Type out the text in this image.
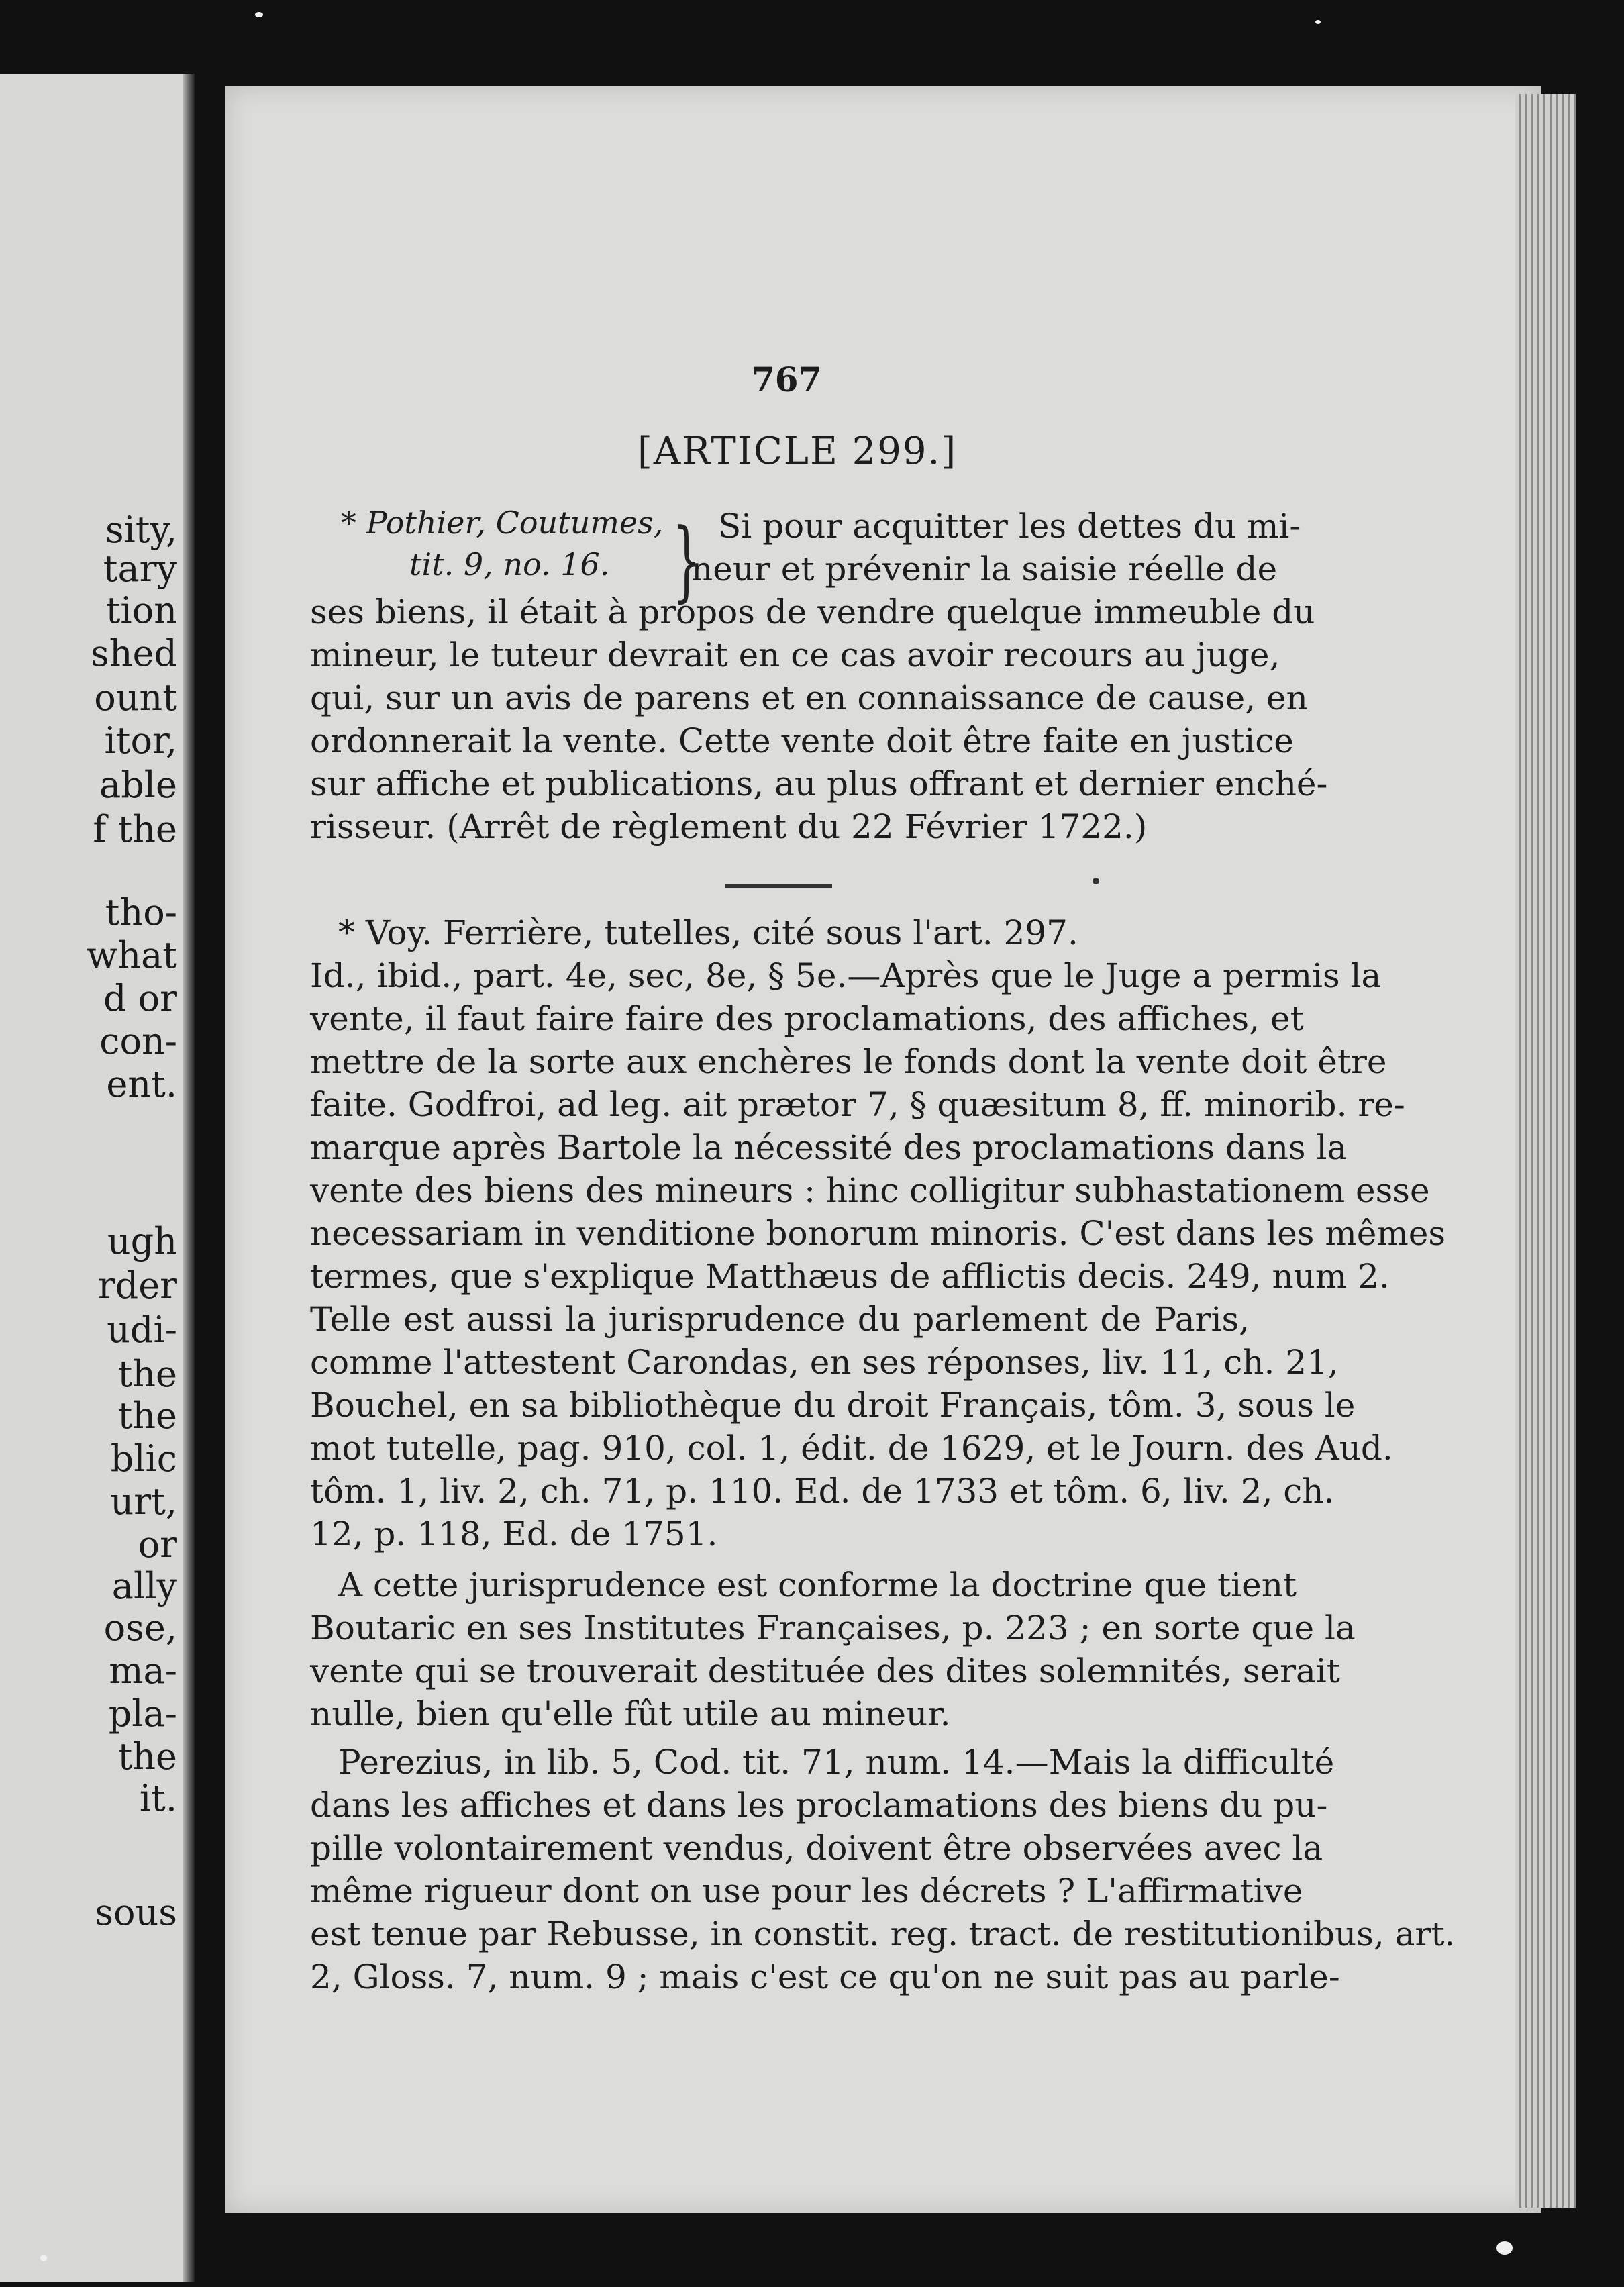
sity,
tary
tion
shed
ount
itor,
able
f the
tho-
what
d or
con-
ent.
ugh
rder
udi-
the
the
blic
urt,
or
ally
ose,
ma-
pla-
the
it.
sous
767
[ARTICLE 299.]
* Pothier, Coutumes,
tit. 9, no. 16. } Si pour acquitter les dettes du mi-
neur et prévenir la saisie réelle de
ses biens, il était à propos de vendre quelque immeuble du
mineur, le tuteur devrait en ce cas avoir recours au juge,
qui, sur un avis de parens et en connaissance de cause, en
ordonnerait la vente. Cette vente doit être faite en justice
sur affiche et publications, au plus offrant et dernier enché-
risseur. (Arrêt de règlement du 22 Février 1722.)
* Voy. Ferrière, tutelles, cité sous l'art. 297.
Id., ibid., part. 4e, sec, 8e, § 5e.—Après que le Juge a permis la
vente, il faut faire faire des proclamations, des affiches, et
mettre de la sorte aux enchères le fonds dont la vente doit être
faite. Godfroi, ad leg. ait prætor 7, § quæsitum 8, ff. minorib. re-
marque après Bartole la nécessité des proclamations dans la
vente des biens des mineurs : hinc colligitur subhastationem esse
necessariam in venditione bonorum minoris. C'est dans les mêmes
termes, que s'explique Matthæus de afflictis decis. 249, num 2.
Telle est aussi la jurisprudence du parlement de Paris,
comme l'attestent Carondas, en ses réponses, liv. 11, ch. 21,
Bouchel, en sa bibliothèque du droit Français, tôm. 3, sous le
mot tutelle, pag. 910, col. 1, édit. de 1629, et le Journ. des Aud.
tôm. 1, liv. 2, ch. 71, p. 110. Ed. de 1733 et tôm. 6, liv. 2, ch.
12, p. 118, Ed. de 1751.
A cette jurisprudence est conforme la doctrine que tient
Boutaric en ses Institutes Françaises, p. 223 ; en sorte que la
vente qui se trouverait destituée des dites solemnités, serait
nulle, bien qu'elle fût utile au mineur.
Perezius, in lib. 5, Cod. tit. 71, num. 14.—Mais la difficulté
dans les affiches et dans les proclamations des biens du pu-
pille volontairement vendus, doivent être observées avec la
même rigueur dont on use pour les décrets ? L'affirmative
est tenue par Rebusse, in constit. reg. tract. de restitutionibus, art.
2, Gloss. 7, num. 9 ; mais c'est ce qu'on ne suit pas au parle-
